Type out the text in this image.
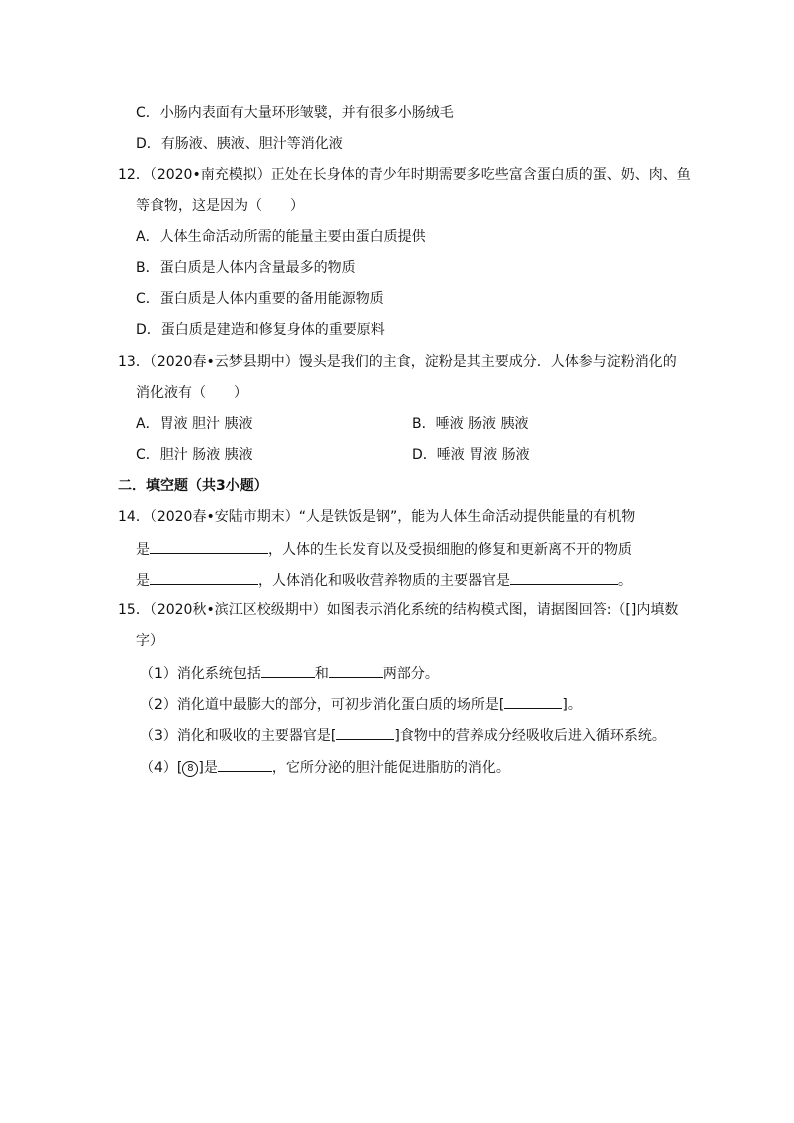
C．小肠内表面有大量环形皱襞，并有很多小肠绒毛
D．有肠液、胰液、胆汁等消化液
12．（2020•南充模拟）正处在长身体的青少年时期需要多吃些富含蛋白质的蛋、奶、肉、鱼
等食物，这是因为（　　）
A．人体生命活动所需的能量主要由蛋白质提供
B．蛋白质是人体内含量最多的物质
C．蛋白质是人体内重要的备用能源物质
D．蛋白质是建造和修复身体的重要原料
13．（2020春•云梦县期中）馒头是我们的主食，淀粉是其主要成分．人体参与淀粉消化的
消化液有（　　）
A．胃液 胆汁 胰液	B．唾液 肠液 胰液
C．胆汁 肠液 胰液	D．唾液 胃液 肠液
二．填空题（共3小题）
14．（2020春•安陆市期末）“人是铁饭是钢”，能为人体生命活动提供能量的有机物
是	，人体的生长发育以及受损细胞的修复和更新离不开的物质
是	，人体消化和吸收营养物质的主要器官是	。
15．（2020秋•滨江区校级期中）如图表示消化系统的结构模式图，请据图回答:（[]内填数
字）
（1）消化系统包括	和	两部分。
（2）消化道中最膨大的部分，可初步消化蛋白质的场所是[	]。
（3）消化和吸收的主要器官是[	]食物中的营养成分经吸收后进入循环系统。
（4）[ 8 ]是	，它所分泌的胆汁能促进脂肪的消化。
